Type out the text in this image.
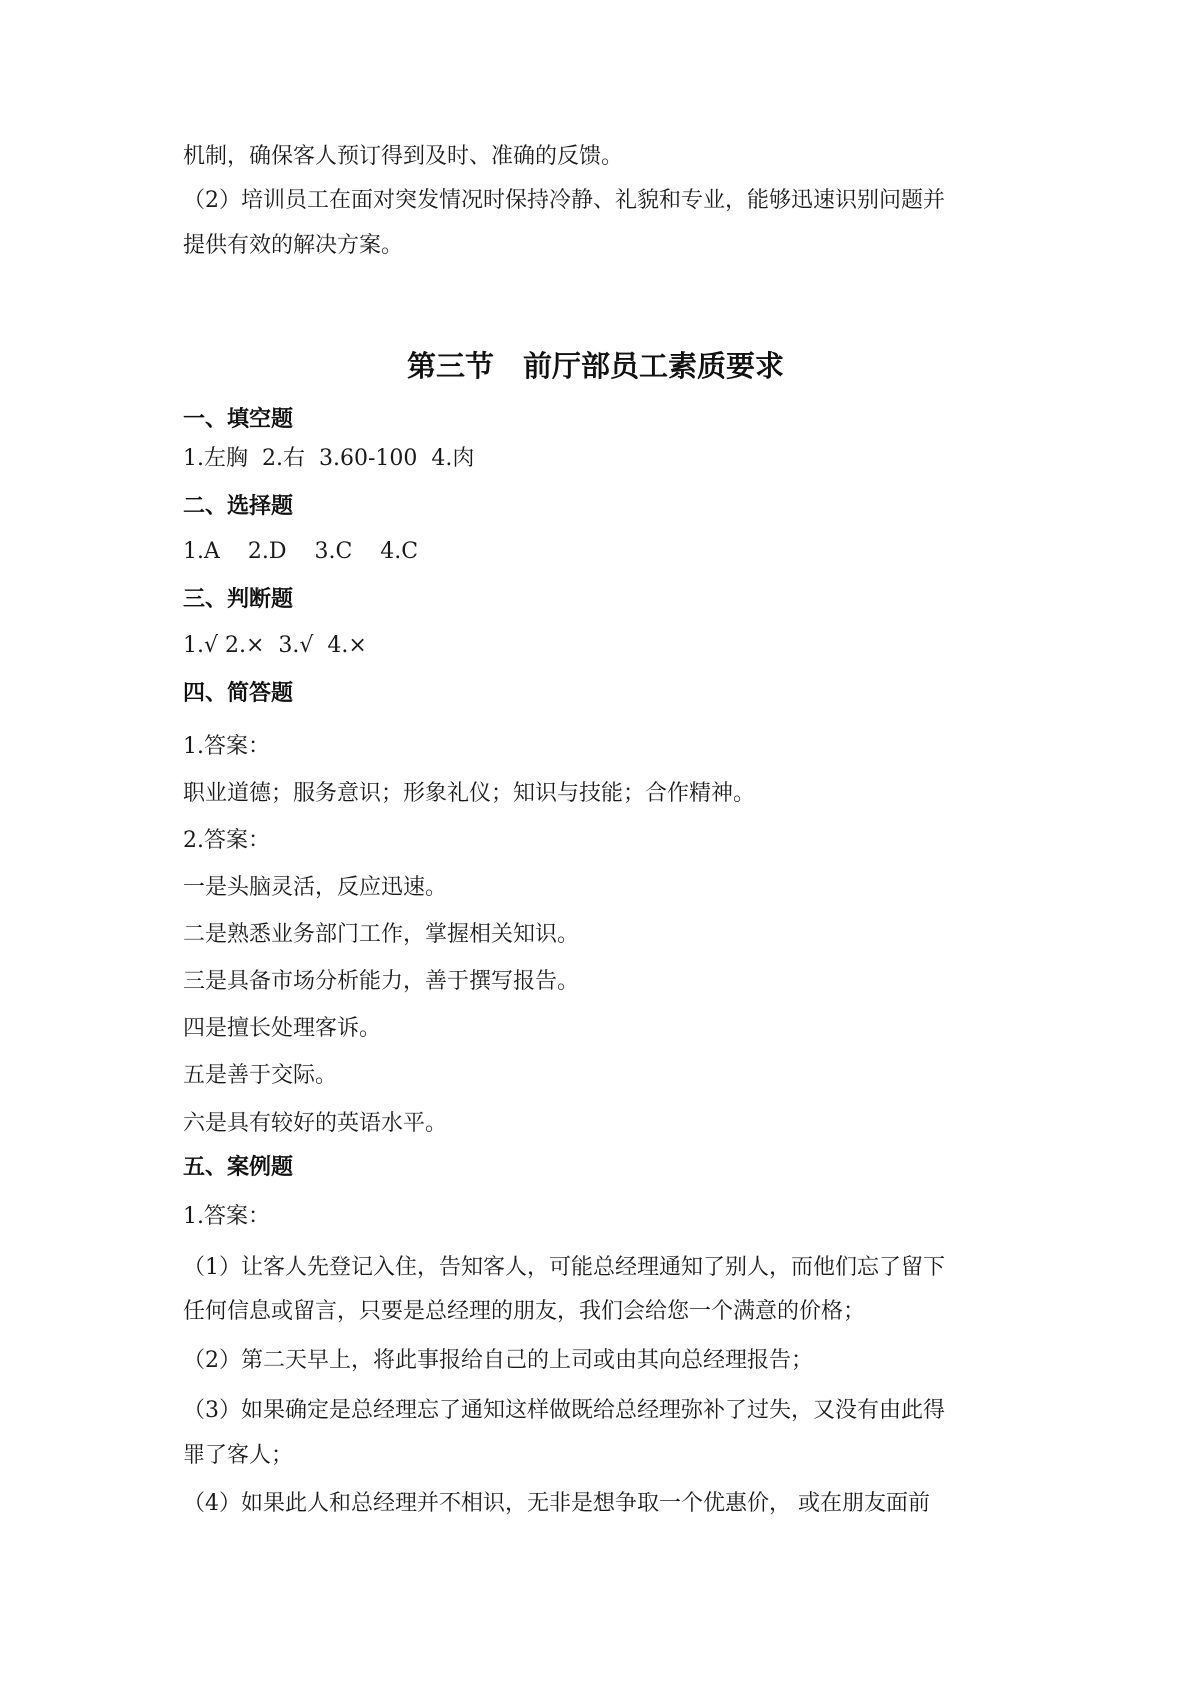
机制，确保客人预订得到及时、准确的反馈。
（2）培训员工在面对突发情况时保持冷静、礼貌和专业，能够迅速识别问题并
提供有效的解决方案。
第三节　前厅部员工素质要求
一、填空题
1.左胸  2.右  3.60-100  4.肉
二、选择题
1.A    2.D    3.C    4.C
三、判断题
1.√ 2.×  3.√  4.×
四、简答题
1.答案：
职业道德；服务意识；形象礼仪；知识与技能；合作精神。
2.答案：
一是头脑灵活，反应迅速。
二是熟悉业务部门工作，掌握相关知识。
三是具备市场分析能力，善于撰写报告。
四是擅长处理客诉。
五是善于交际。
六是具有较好的英语水平。
五、案例题
1.答案：
（1）让客人先登记入住，告知客人，可能总经理通知了别人，而他们忘了留下
任何信息或留言，只要是总经理的朋友，我们会给您一个满意的价格；
（2）第二天早上，将此事报给自己的上司或由其向总经理报告；
（3）如果确定是总经理忘了通知这样做既给总经理弥补了过失，又没有由此得
罪了客人；
（4）如果此人和总经理并不相识，无非是想争取一个优惠价， 或在朋友面前
